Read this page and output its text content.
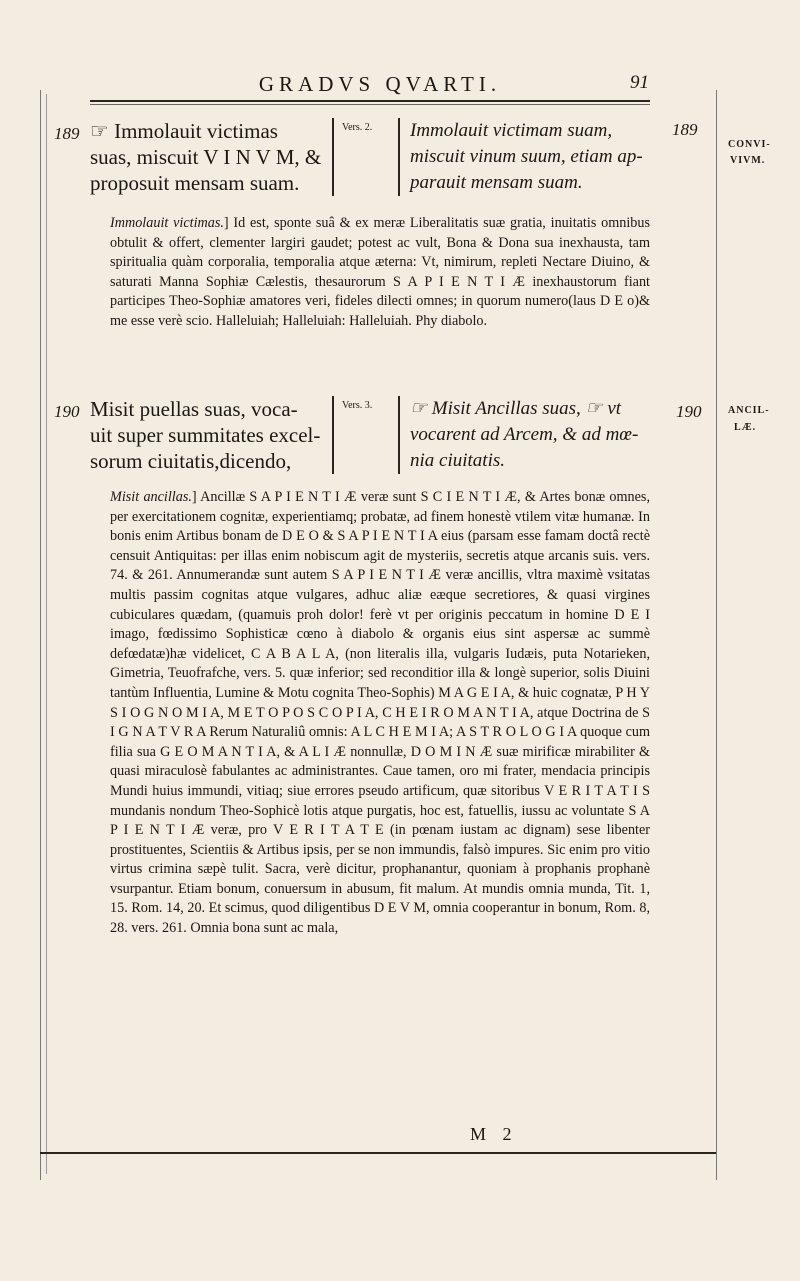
GRADVS QVARTI.	91
189	189
CONVI-
VIVM.
190	190	ANCIL-
LÆ.
☞ Immolauit victimas
suas, miscuit V I N V M, &
proposuit mensam suam.
Vers. 2. Immolauit victimam suam,
miscuit vinum suum, etiam ap-
parauit mensam suam.
Immolauit victimas.] Id est, sponte suâ & ex meræ Liberalitatis suæ gratia, inuitatis omnibus obtulit & offert, clementer largiri gaudet; potest ac vult, Bona & Dona sua inexhausta, tam spiritualia quàm corporalia, temporalia atque æterna: Vt, nimirum, repleti Nectare Diuino, & saturati Manna Sophiæ Cælestis, thesaurorum S A P I E N T I Æ inexhaustorum fiant participes Theo-Sophiæ amatores veri, fideles dilecti omnes; in quorum numero(laus D E o)& me esse verè scio. Halleluiah; Halleluiah: Halleluiah. Phy diabolo.
Misit puellas suas, voca-
uit super summitates excel-
sorum ciuitatis,dicendo,
Vers. 3. ☞ Misit Ancillas suas, ☞ vt
vocarent ad Arcem, & ad mœ-
nia ciuitatis.
Misit ancillas.] Ancillæ S A P I E N T I Æ veræ sunt S C I E N T I Æ, & Artes bonæ omnes, per exercitationem cognitæ, experientiamq; probatæ, ad finem honestè vtilem vitæ humanæ. In bonis enim Artibus bonam de D E O & S A P I E N T I A eius (parsam esse famam doctâ rectè censuit Antiquitas: per illas enim nobiscum agit de mysteriis, secretis atque arcanis suis. vers. 74. & 261. Annumerandæ sunt autem S A P I E N T I Æ veræ ancillis, vltra maximè vsitatas multis passim cognitas atque vulgares, adhuc aliæ eæque secretiores, & quasi virgines cubiculares quædam, (quamuis proh dolor! ferè vt per originis peccatum in homine D E I imago, fœdissimo Sophisticæ cœno à diabolo & organis eius sint aspersæ ac summè defœdatæ)hæ videlicet, C A B A L A, (non literalis illa, vulgaris Iudæis, puta Notarieken, Gimetria, Teuofrafche, vers. 5. quæ inferior; sed reconditior illa & longè superior, solis Diuini tantùm Influentia, Lumine & Motu cognita Theo-Sophis) M A G E I A, & huic cognatæ, P H Y S I O G N O M I A, M E T O P O S C O P I A, C H E I R O M A N T I A, atque Doctrina de S I G N A T V R A Rerum Naturaliû omnis: A L C H E M I A; A S T R O L O G I A quoque cum filia sua G E O M A N T I A, & A L I Æ nonnullæ, D O M I N Æ suæ mirificæ mirabiliter & quasi miraculosè fabulantes ac administrantes. Caue tamen, oro mi frater, mendacia principis Mundi huius immundi, vitiaq; siue errores pseudo artificum, quæ sitoribus V E R I T A T I S mundanis nondum Theo-Sophicè lotis atque purgatis, hoc est, fatuellis, iussu ac voluntate S A P I E N T I Æ veræ, pro V E R I T A T E (in pœnam iustam ac dignam) sese libenter prostituentes, Scientiis & Artibus ipsis, per se non immundis, falsò impures. Sic enim pro vitio virtus crimina sæpè tulit. Sacra, verè dicitur, prophanantur, quoniam à prophanis prophanè vsurpantur. Etiam bonum, conuersum in abusum, fit malum. At mundis omnia munda, Tit. 1, 15. Rom. 14, 20. Et scimus, quod diligentibus D E V M, omnia cooperantur in bonum, Rom. 8, 28. vers. 261. Omnia bona sunt ac mala,
M 2
